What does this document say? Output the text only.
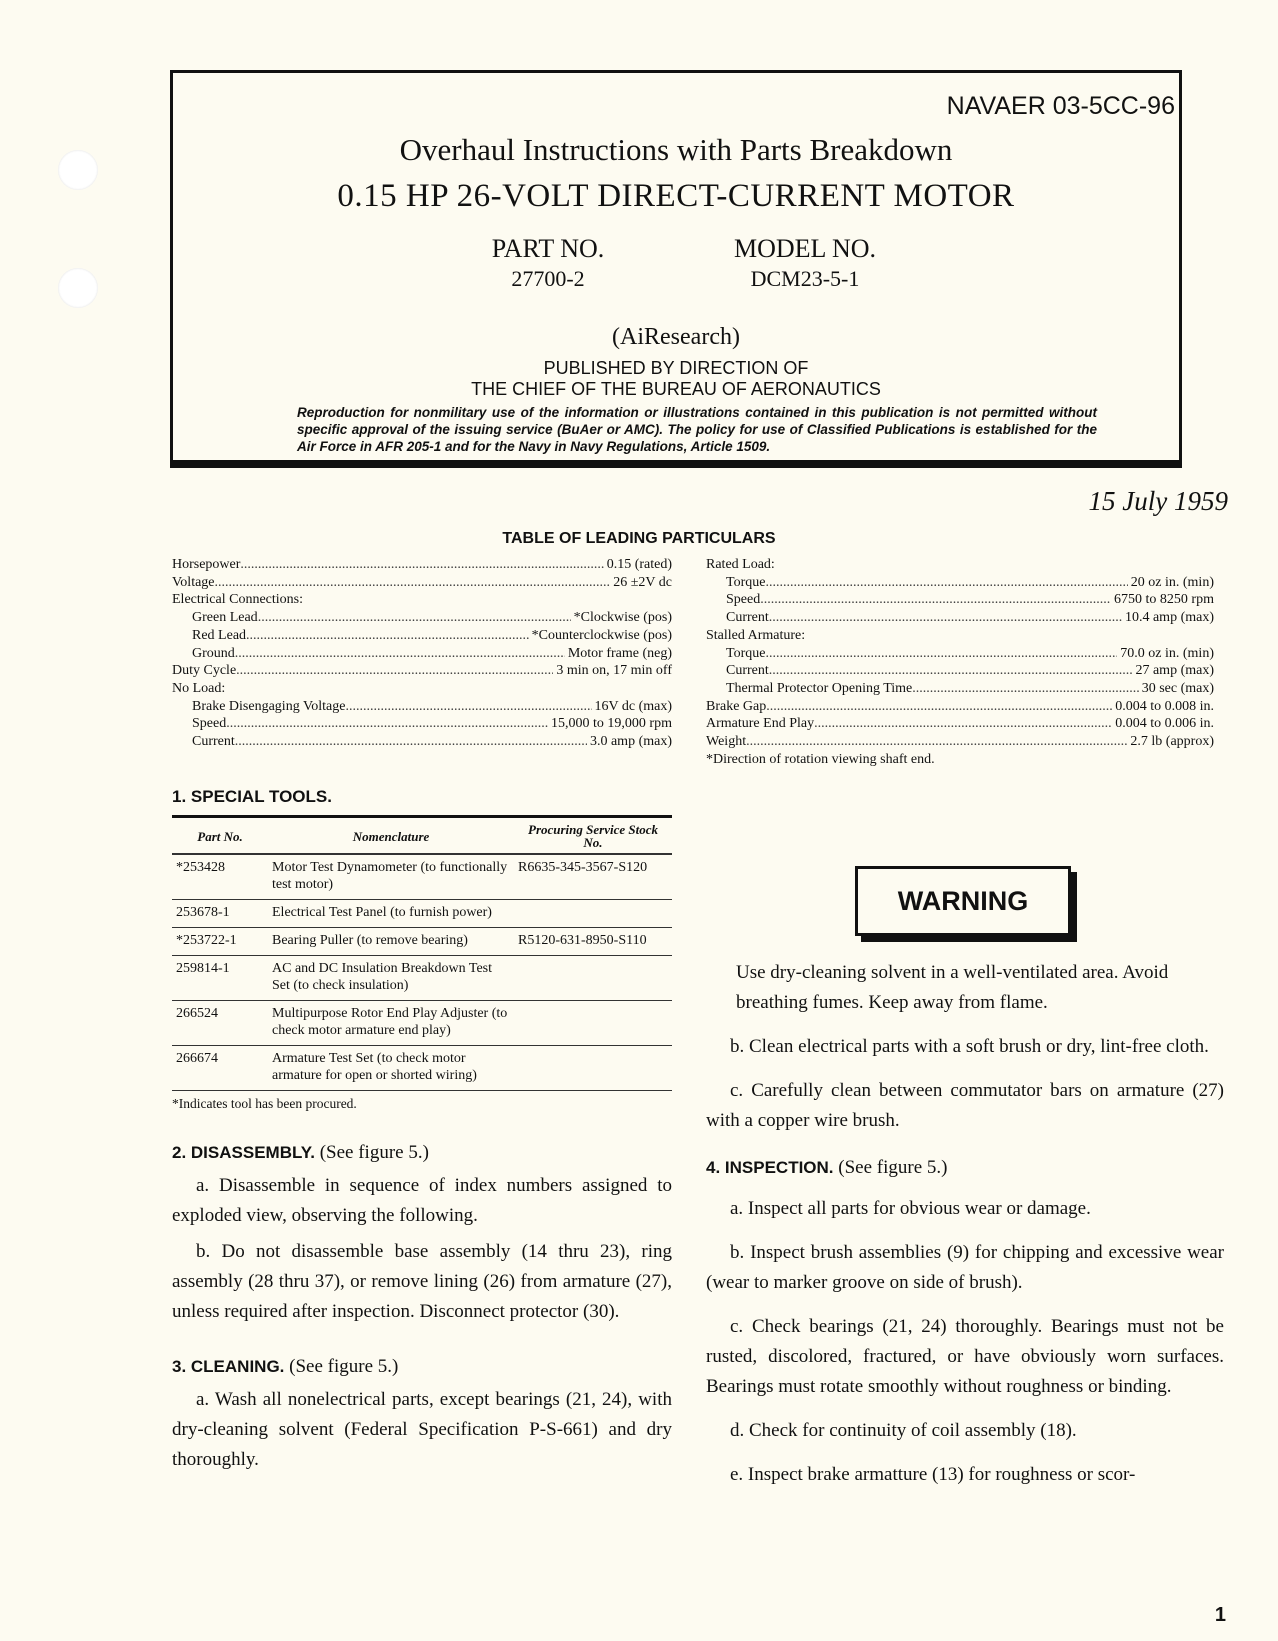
NAVAER 03-5CC-96
Overhaul Instructions with Parts Breakdown
0.15 HP 26-VOLT DIRECT-CURRENT MOTOR
PART NO.
27700-2
MODEL NO.
DCM23-5-1
(AiResearch)
PUBLISHED BY DIRECTION OF
THE CHIEF OF THE BUREAU OF AERONAUTICS
Reproduction for nonmilitary use of the information or illustrations contained in this publication is not permitted without specific approval of the issuing service (BuAer or AMC). The policy for use of Classified Publications is established for the Air Force in AFR 205-1 and for the Navy in Navy Regulations, Article 1509.
15 July 1959
TABLE OF LEADING PARTICULARS
Horsepower .....	0.15 (rated)
Voltage .....	26 ±2V dc
Electrical Connections:
Green Lead .....	*Clockwise (pos)
Red Lead .....	*Counterclockwise (pos)
Ground .....	Motor frame (neg)
Duty Cycle .....	3 min on, 17 min off
No Load:
Brake Disengaging Voltage .....	16V dc (max)
Speed .....	15,000 to 19,000 rpm
Current .....	3.0 amp (max)
Rated Load:
Torque .....	20 oz in. (min)
Speed .....	6750 to 8250 rpm
Current .....	10.4 amp (max)
Stalled Armature:
Torque .....	70.0 oz in. (min)
Current .....	27 amp (max)
Thermal Protector Opening Time .....	30 sec (max)
Brake Gap .....	0.004 to 0.008 in.
Armature End Play .....	0.004 to 0.006 in.
Weight .....	2.7 lb (approx)
*Direction of rotation viewing shaft end.
1. SPECIAL TOOLS.
Part No.	Nomenclature	Procuring Service Stock No.
*253428	Motor Test Dynamometer (to functionally test motor)	R6635-345-3567-S120
253678-1	Electrical Test Panel (to furnish power)	
*253722-1	Bearing Puller (to remove bearing)	R5120-631-8950-S110
259814-1	AC and DC Insulation Breakdown Test Set (to check insulation)	
266524	Multipurpose Rotor End Play Adjuster (to check motor armature end play)	
266674	Armature Test Set (to check motor armature for open or shorted wiring)	
*Indicates tool has been procured.
2. DISASSEMBLY. (See figure 5.)
a. Disassemble in sequence of index numbers assigned to exploded view, observing the following.
b. Do not disassemble base assembly (14 thru 23), ring assembly (28 thru 37), or remove lining (26) from armature (27), unless required after inspection. Disconnect protector (30).
3. CLEANING. (See figure 5.)
a. Wash all nonelectrical parts, except bearings (21, 24), with dry-cleaning solvent (Federal Specification P-S-661) and dry thoroughly.
WARNING
Use dry-cleaning solvent in a well-ventilated area. Avoid breathing fumes. Keep away from flame.
b. Clean electrical parts with a soft brush or dry, lint-free cloth.
c. Carefully clean between commutator bars on armature (27) with a copper wire brush.
4. INSPECTION. (See figure 5.)
a. Inspect all parts for obvious wear or damage.
b. Inspect brush assemblies (9) for chipping and excessive wear (wear to marker groove on side of brush).
c. Check bearings (21, 24) thoroughly. Bearings must not be rusted, discolored, fractured, or have obviously worn surfaces. Bearings must rotate smoothly without roughness or binding.
d. Check for continuity of coil assembly (18).
e. Inspect brake armatture (13) for roughness or scor-
1
